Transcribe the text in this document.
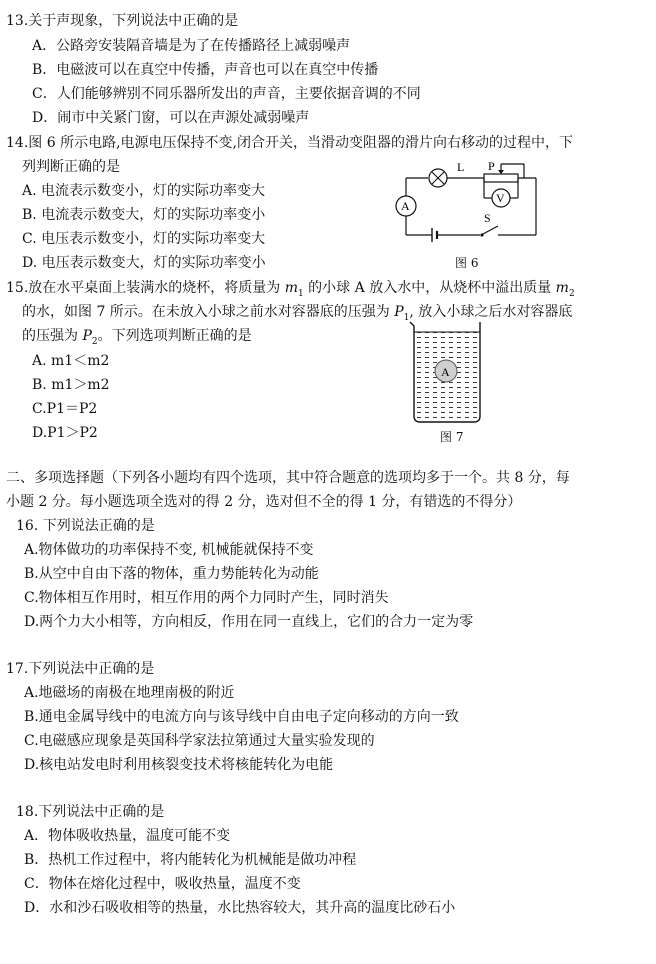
13.关于声现象，下列说法中正确的是
A．公路旁安装隔音墙是为了在传播路径上减弱噪声
B．电磁波可以在真空中传播，声音也可以在真空中传播
C．人们能够辨别不同乐器所发出的声音，主要依据音调的不同
D．闹市中关紧门窗，可以在声源处减弱噪声
14.图 6 所示电路,电源电压保持不变,闭合开关，当滑动变阻器的滑片向右移动的过程中，下
列判断正确的是
A. 电流表示数变小，灯的实际功率变大
B. 电流表示数变大，灯的实际功率变小
C. 电压表示数变小，灯的实际功率变大
D. 电压表示数变大，灯的实际功率变小
L P
V
A
S
图 6
15.放在水平桌面上装满水的烧杯，将质量为 $m_1$ 的小球 A 放入水中，从烧杯中溢出质量 $m_2$
的水，如图 7 所示。在未放入小球之前水对容器底的压强为 $P_1$, 放入小球之后水对容器底
的压强为 $P_2$。下列选项判断正确的是
A. m1＜m2
B. m1＞m2
C.P1＝P2
D.P1＞P2
A
图 7
二、多项选择题（下列各小题均有四个选项，其中符合题意的选项均多于一个。共 8 分，每
小题 2 分。每小题选项全选对的得 2 分，选对但不全的得 1 分，有错选的不得分）
16. 下列说法正确的是
A.物体做功的功率保持不变, 机械能就保持不变
B.从空中自由下落的物体，重力势能转化为动能
C.物体相互作用时，相互作用的两个力同时产生，同时消失
D.两个力大小相等，方向相反，作用在同一直线上，它们的合力一定为零
17.下列说法中正确的是
A.地磁场的南极在地理南极的附近
B.通电金属导线中的电流方向与该导线中自由电子定向移动的方向一致
C.电磁感应现象是英国科学家法拉第通过大量实验发现的
D.核电站发电时利用核裂变技术将核能转化为电能
18.下列说法中正确的是
A．物体吸收热量，温度可能不变
B．热机工作过程中，将内能转化为机械能是做功冲程
C．物体在熔化过程中，吸收热量，温度不变
D．水和沙石吸收相等的热量，水比热容较大，其升高的温度比砂石小
